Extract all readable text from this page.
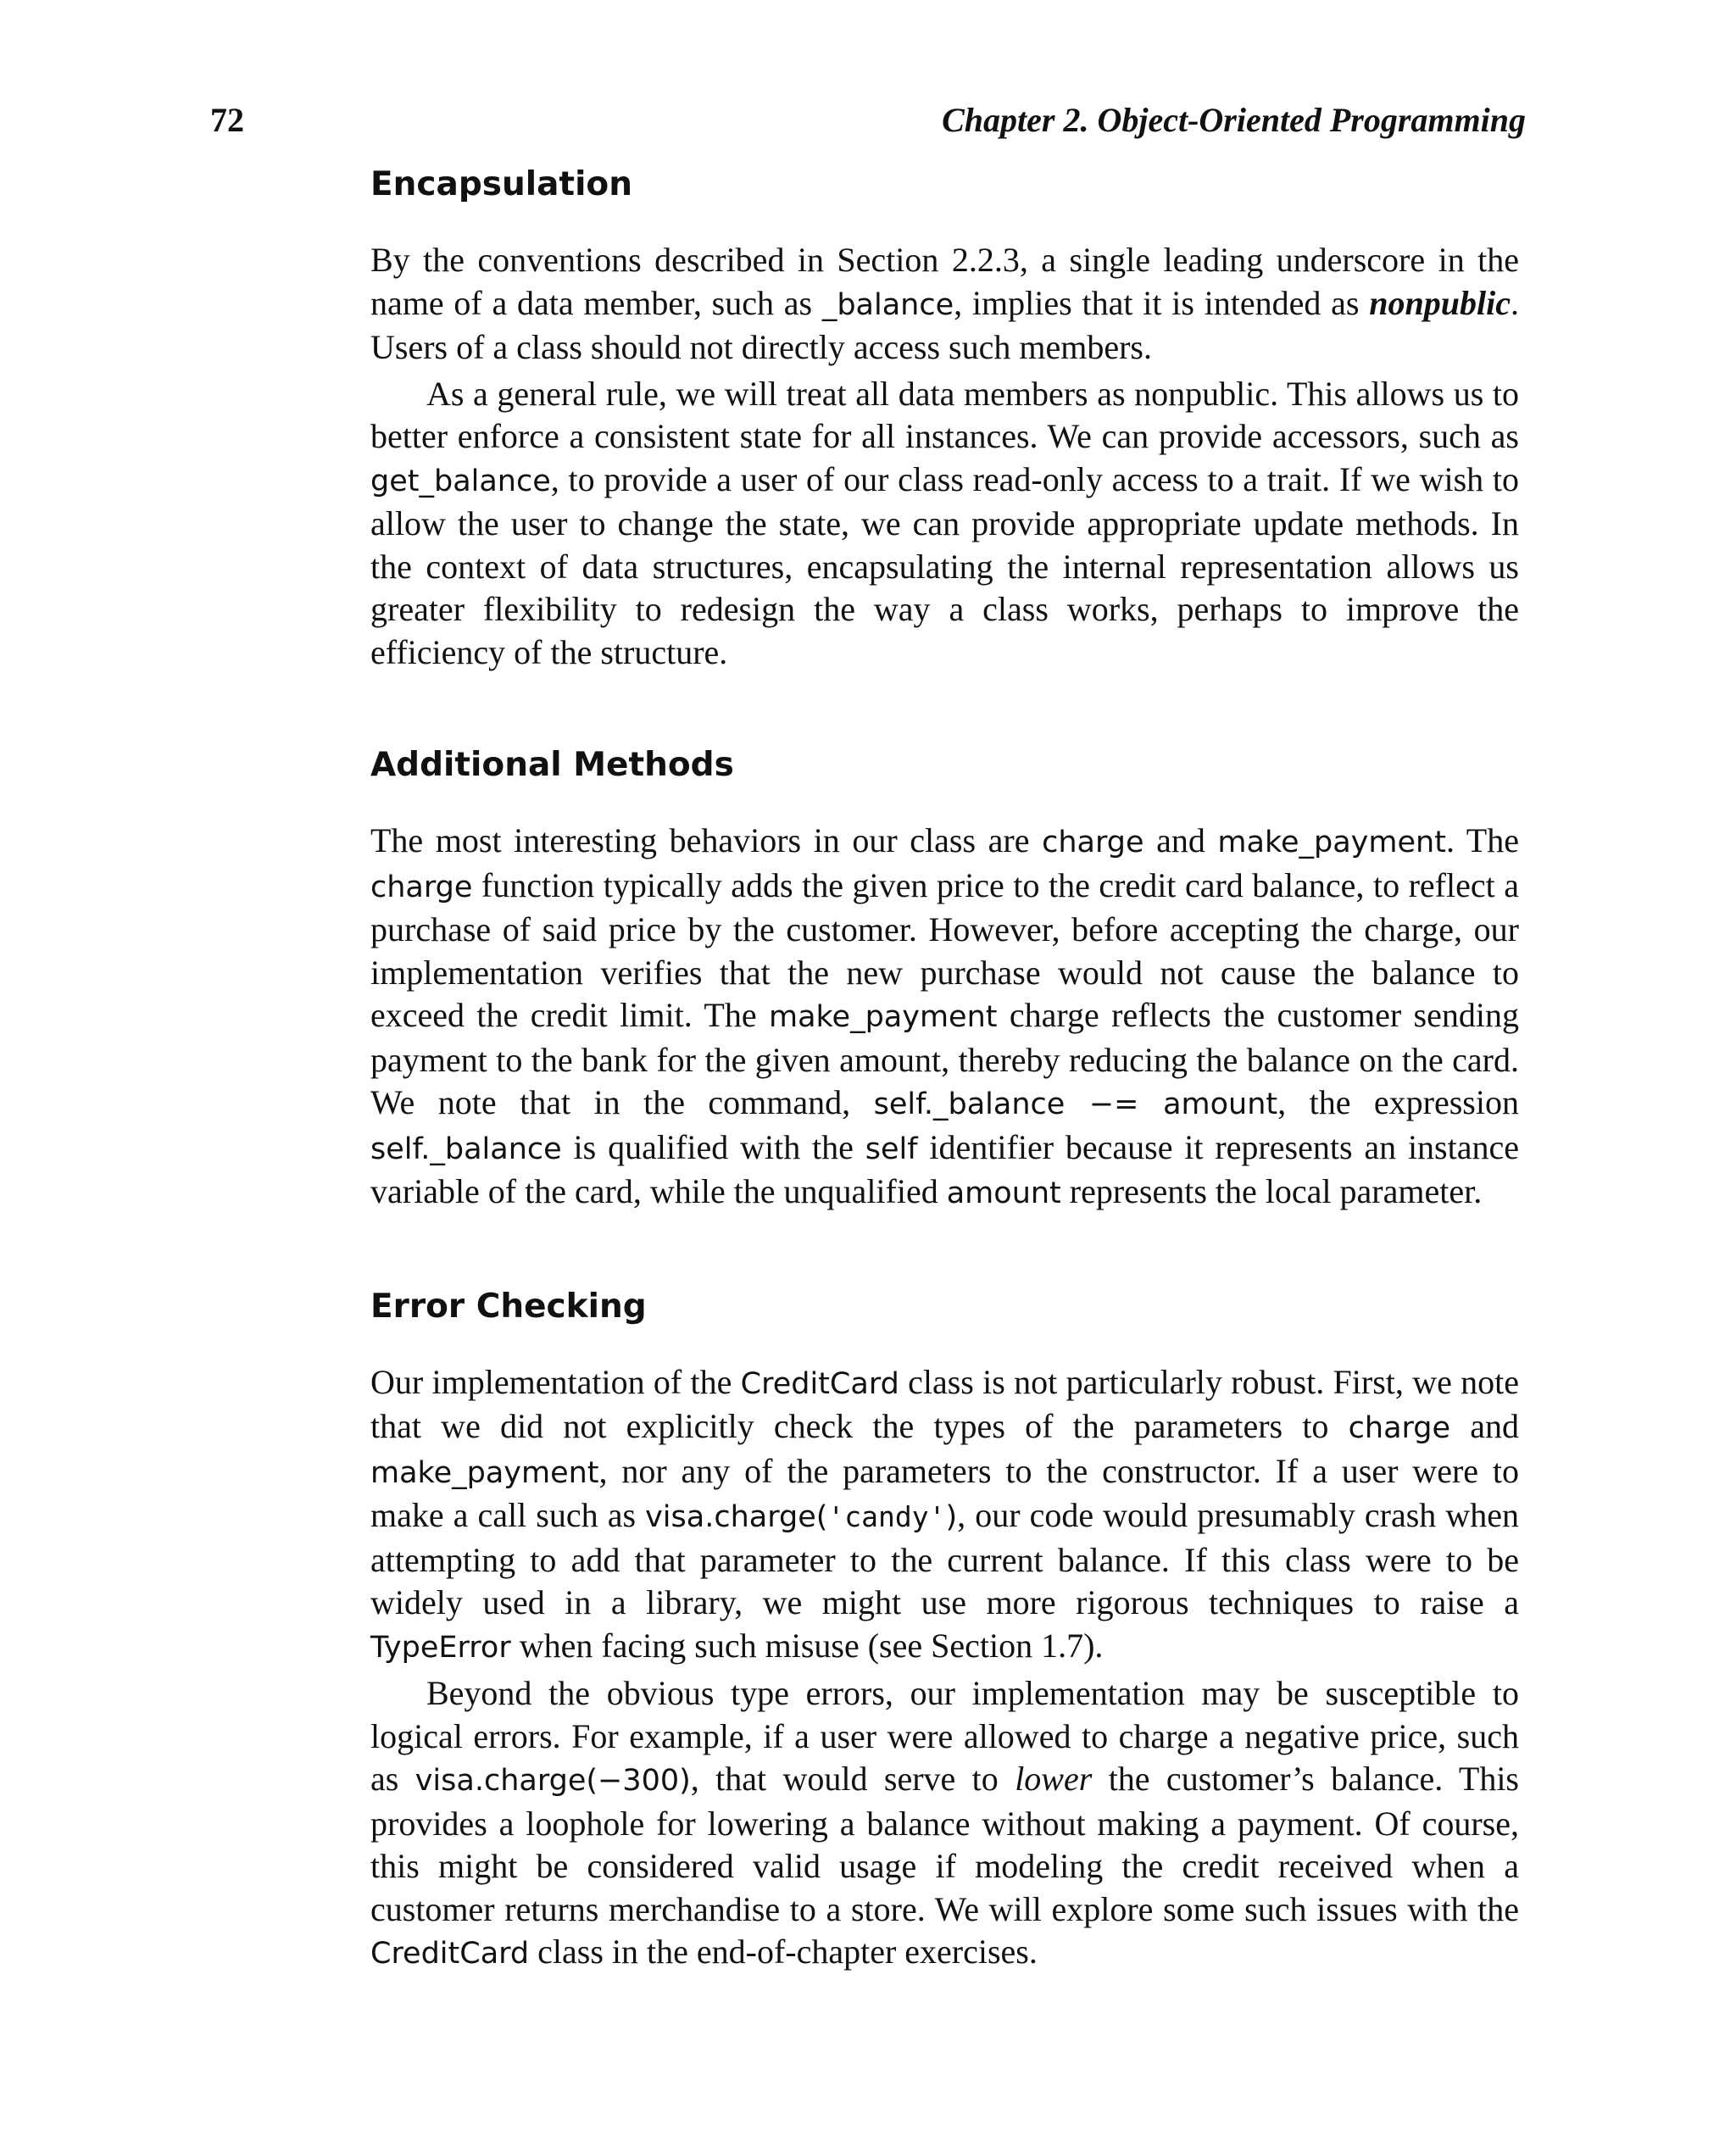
72	Chapter 2. Object-Oriented Programming
Encapsulation

By the conventions described in Section 2.2.3, a single leading underscore in the name of a data member, such as _balance, implies that it is intended as nonpublic. Users of a class should not directly access such members.

As a general rule, we will treat all data members as nonpublic. This allows us to better enforce a consistent state for all instances. We can provide accessors, such as get_balance, to provide a user of our class read-only access to a trait. If we wish to allow the user to change the state, we can provide appropriate update methods. In the context of data structures, encapsulating the internal representation allows us greater flexibility to redesign the way a class works, perhaps to improve the efficiency of the structure.

Additional Methods

The most interesting behaviors in our class are charge and make_payment. The charge function typically adds the given price to the credit card balance, to reflect a purchase of said price by the customer. However, before accepting the charge, our implementation verifies that the new purchase would not cause the balance to exceed the credit limit. The make_payment charge reflects the customer sending payment to the bank for the given amount, thereby reducing the balance on the card. We note that in the command, self._balance −= amount, the expression self._balance is qualified with the self identifier because it represents an instance variable of the card, while the unqualified amount represents the local parameter.

Error Checking

Our implementation of the CreditCard class is not particularly robust. First, we note that we did not explicitly check the types of the parameters to charge and make_payment, nor any of the parameters to the constructor. If a user were to make a call such as visa.charge('candy'), our code would presumably crash when attempting to add that parameter to the current balance. If this class were to be widely used in a library, we might use more rigorous techniques to raise a TypeError when facing such misuse (see Section 1.7).

Beyond the obvious type errors, our implementation may be susceptible to logical errors. For example, if a user were allowed to charge a negative price, such as visa.charge(−300), that would serve to lower the customer’s balance. This provides a loophole for lowering a balance without making a payment. Of course, this might be considered valid usage if modeling the credit received when a customer returns merchandise to a store. We will explore some such issues with the CreditCard class in the end-of-chapter exercises.
